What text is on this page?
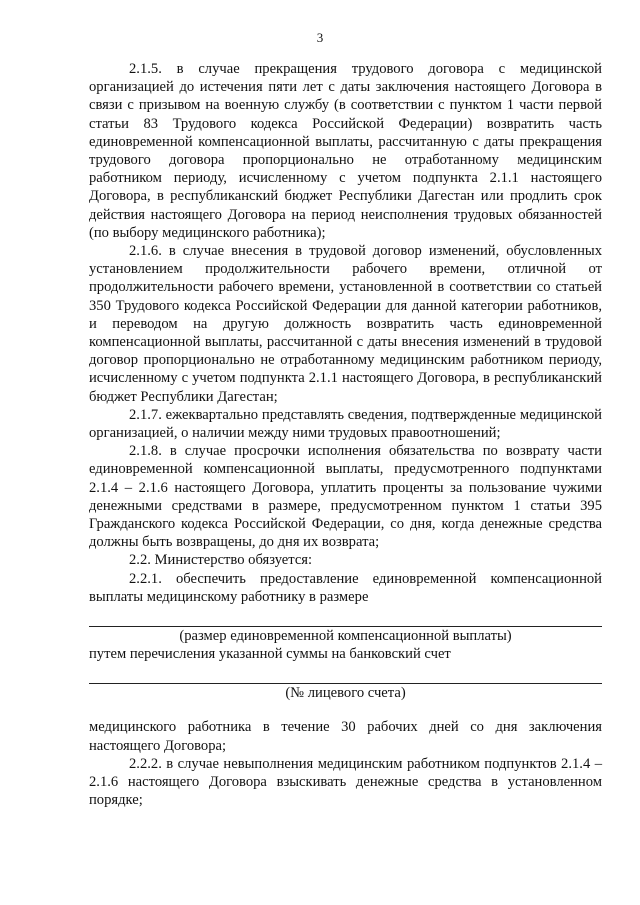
3

2.1.5. в случае прекращения трудового договора с медицинской организацией до истечения пяти лет с даты заключения настоящего Договора в связи с призывом на военную службу (в соответствии с пунктом 1 части первой статьи 83 Трудового кодекса Российской Федерации) возвратить часть единовременной компенсационной выплаты, рассчитанную с даты прекращения трудового договора пропорционально не отработанному медицинским работником периоду, исчисленному с учетом подпункта 2.1.1 настоящего Договора, в республиканский бюджет Республики Дагестан или продлить срок действия настоящего Договора на период неисполнения трудовых обязанностей (по выбору медицинского работника);

2.1.6. в случае внесения в трудовой договор изменений, обусловленных установлением продолжительности рабочего времени, отличной от продолжительности рабочего времени, установленной в соответствии со статьей 350 Трудового кодекса Российской Федерации для данной категории работников, и переводом на другую должность возвратить часть единовременной компенсационной выплаты, рассчитанной с даты внесения изменений в трудовой договор пропорционально не отработанному медицинским работником периоду, исчисленному с учетом подпункта 2.1.1 настоящего Договора, в республиканский бюджет Республики Дагестан;

2.1.7. ежеквартально представлять сведения, подтвержденные медицинской организацией, о наличии между ними трудовых правоотношений;

2.1.8. в случае просрочки исполнения обязательства по возврату части единовременной компенсационной выплаты, предусмотренного подпунктами 2.1.4 – 2.1.6 настоящего Договора, уплатить проценты за пользование чужими денежными средствами в размере, предусмотренном пунктом 1 статьи 395 Гражданского кодекса Российской Федерации, со дня, когда денежные средства должны быть возвращены, до дня их возврата;

2.2. Министерство обязуется:

2.2.1. обеспечить предоставление единовременной компенсационной выплаты медицинскому работнику в размере

(размер единовременной компенсационной выплаты)

путем перечисления указанной суммы на банковский счет

(№ лицевого счета)

медицинского работника в течение 30 рабочих дней со дня заключения настоящего Договора;

2.2.2. в случае невыполнения медицинским работником подпунктов 2.1.4 – 2.1.6 настоящего Договора взыскивать денежные средства в установленном порядке;
